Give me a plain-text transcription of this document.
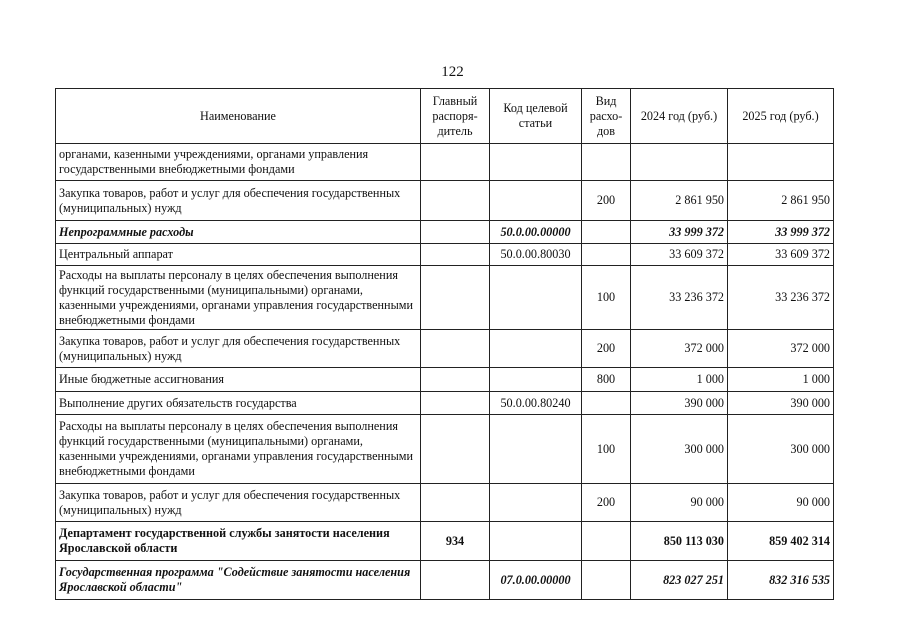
122
Наименование	Главный распоря-дитель	Код целевой статьи	Вид расхо-дов	2024 год (руб.)	2025 год (руб.)
органами, казенными учреждениями, органами управления государственными внебюджетными фондами					
Закупка товаров, работ и услуг для обеспечения государственных (муниципальных) нужд			200	2 861 950	2 861 950
Непрограммные расходы		50.0.00.00000		33 999 372	33 999 372
Центральный аппарат		50.0.00.80030		33 609 372	33 609 372
Расходы на выплаты персоналу в целях обеспечения выполнения функций государственными (муниципальными) органами, казенными учреждениями, органами управления государственными внебюджетными фондами			100	33 236 372	33 236 372
Закупка товаров, работ и услуг для обеспечения государственных (муниципальных) нужд			200	372 000	372 000
Иные бюджетные ассигнования			800	1 000	1 000
Выполнение других обязательств государства		50.0.00.80240		390 000	390 000
Расходы на выплаты персоналу в целях обеспечения выполнения функций государственными (муниципальными) органами, казенными учреждениями, органами управления государственными внебюджетными фондами			100	300 000	300 000
Закупка товаров, работ и услуг для обеспечения государственных (муниципальных) нужд			200	90 000	90 000
Департамент государственной службы занятости населения Ярославской области	934			850 113 030	859 402 314
Государственная программа "Содействие занятости населения Ярославской области"		07.0.00.00000		823 027 251	832 316 535
